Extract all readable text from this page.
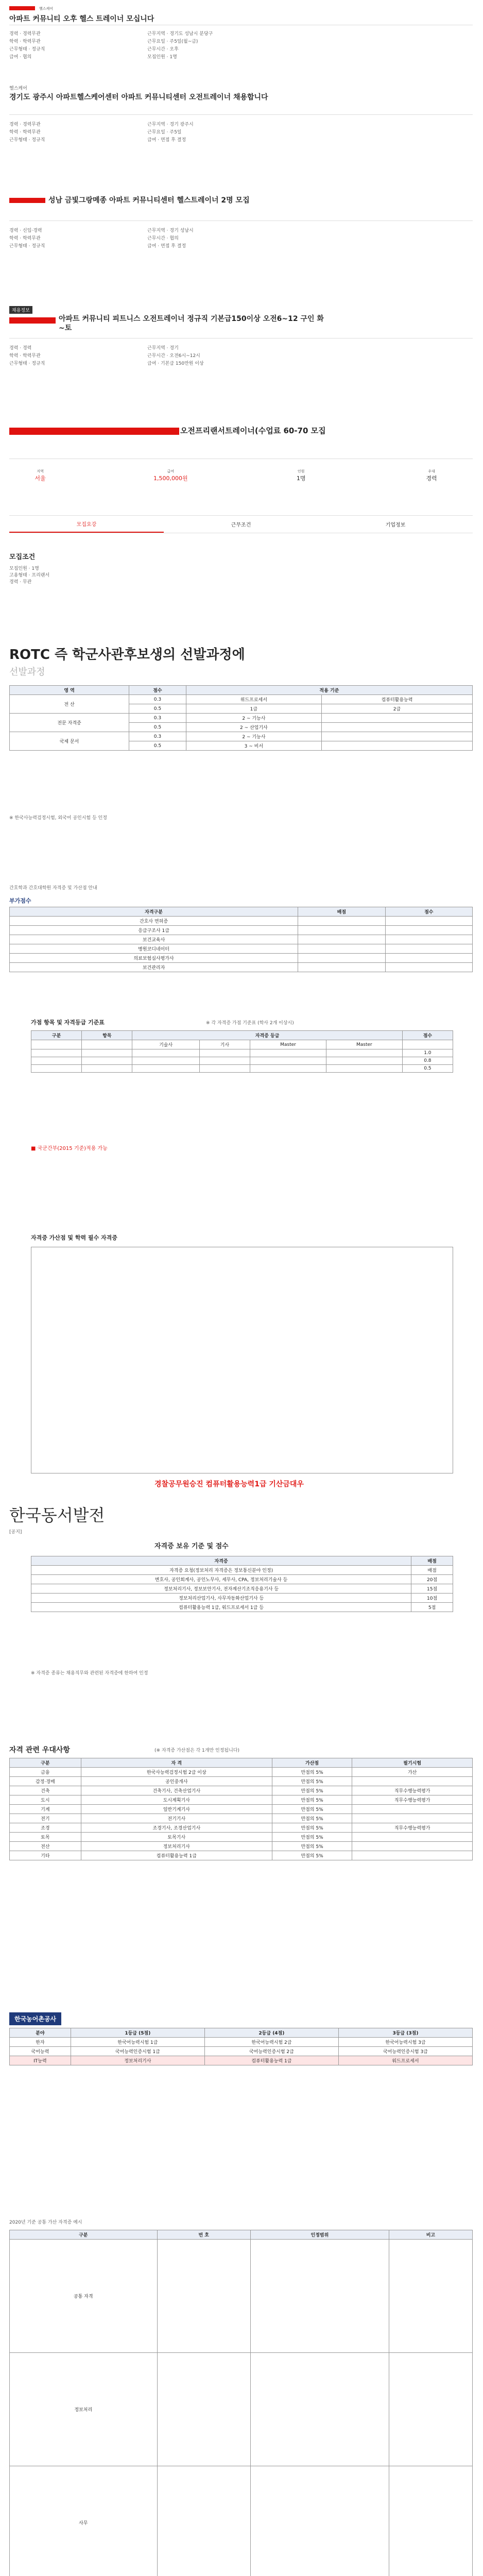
헬스케어
아파트 커뮤니티 오후 헬스 트레이너 모십니다
경력 · 경력무관	근무지역 · 경기도 성남시 분당구
학력 · 학력무관	근무요일 · 주5일(월~금)
근무형태 · 정규직	근무시간 · 오후
급여 · 협의	모집인원 · 1명
헬스케어
경기도 광주시 아파트헬스케어센터 아파트 커뮤니티센터 오전트레이너 채용합니다
경력 · 경력무관	근무지역 · 경기 광주시
학력 · 학력무관	근무요일 · 주5일
근무형태 · 정규직	급여 · 면접 후 결정
성남 금빛그랑메종 아파트 커뮤니티센터 헬스트레이너 2명 모집
경력 · 신입·경력	근무지역 · 경기 성남시
학력 · 학력무관	근무시간 · 협의
근무형태 · 정규직	급여 · 면접 후 결정
채용정보
아파트 커뮤니티 피트니스 오전트레이너 정규직 기본급150이상 오전6~12 구인 화~토
경력 · 경력	근무지역 · 경기
학력 · 학력무관	근무시간 · 오전6시~12시
근무형태 · 정규직	급여 · 기본급 150만원 이상
오전프리랜서트레이너(수업료 60-70 모집
지역
서울
급여
1,500,000원
인원
1명
우대
경력
모집요강	근무조건	기업정보
모집조건
모집인원 · 1명
고용형태 · 프리랜서
경력 · 무관
ROTC 즉 학군사관후보생의 선발과정에
선발과정
영 역	점수	적용 기준	
전 산	0.3	위드프로세서	컴퓨터활용능력
	0.5	1급	2급
전문 자격증	0.3	2 ~ 기능사	
	0.5	2 ~ 산업기사	
국제 문서	0.3	2 ~ 기능사	
	0.5	3 ~ 비서	
※ 한국사능력검정시험, 외국어 공인시험 등 인정
간호학과 간호대학원 자격증 및 가산점 안내
부가점수
자격구분	배점	점수
간호사 면허증		
응급구조사 1급		
보건교육사		
병원코디네이터		
의료보험심사평가사		
보건관리자		
가점 항목 및 자격등급 기준표	※ 각 자격증 가점 기준표 (학사 2개 이상시)
구분	항목	자격증 등급				점수
		기술사	기사	Master	Master	
						1.0
						0.8
						0.5
■ 국군간부(2015 기준)적용 가능
자격증 가산점 및 학력 필수 자격증
경찰공무원승진 컴퓨터활용능력1급 기산금대우
한국동서발전
[공지]
자격증 보유 기준 및 점수
자격증	배점
자격증 요청(정보처리 자격증은 정보통신분야 인정)	배점
변호사, 공인회계사, 공인노무사, 세무사, CPA, 정보처리기술사 등	20점
정보처리기사, 정보보안기사, 전자계산기조직응용기사 등	15점
정보처리산업기사, 사무자동화산업기사 등	10점
컴퓨터활용능력 1급, 워드프로세서 1급 등	5점
※ 자격증 종류는 채용직무와 관련된 자격증에 한하여 인정
자격 관련 우대사항	(※ 자격증 가산점은 각 1개만 인정됩니다)
구분	자 격	가산점	필기시험
금융	한국사능력검정시험 2급 이상	만점의 5%	가산
감정·경매	공인중개사	만점의 5%	
건축	건축기사, 건축산업기사	만점의 5%	직무수행능력평가
도시	도시계획기사	만점의 5%	직무수행능력평가
기계	일반기계기사	만점의 5%	
전기	전기기사	만점의 5%	
조경	조경기사, 조경산업기사	만점의 5%	직무수행능력평가
토목	토목기사	만점의 5%	
전산	정보처리기사	만점의 5%	
기타	컴퓨터활용능력 1급	만점의 5%	
한국농어촌공사
분야	1등급 (5점)	2등급 (4점)	3등급 (3점)
한자	한국어능력시험 1급	한국어능력시험 2급	한국어능력시험 3급
국어능력	국어능력인증시험 1급	국어능력인증시험 2급	국어능력인증시험 3급
IT능력	정보처리기사	컴퓨터활용능력 1급	워드프로세서
2020년 기준 공통 가산 자격증 예시
구분	번 호	인정범위	비고
공통 자격			
정보처리			
사무			
